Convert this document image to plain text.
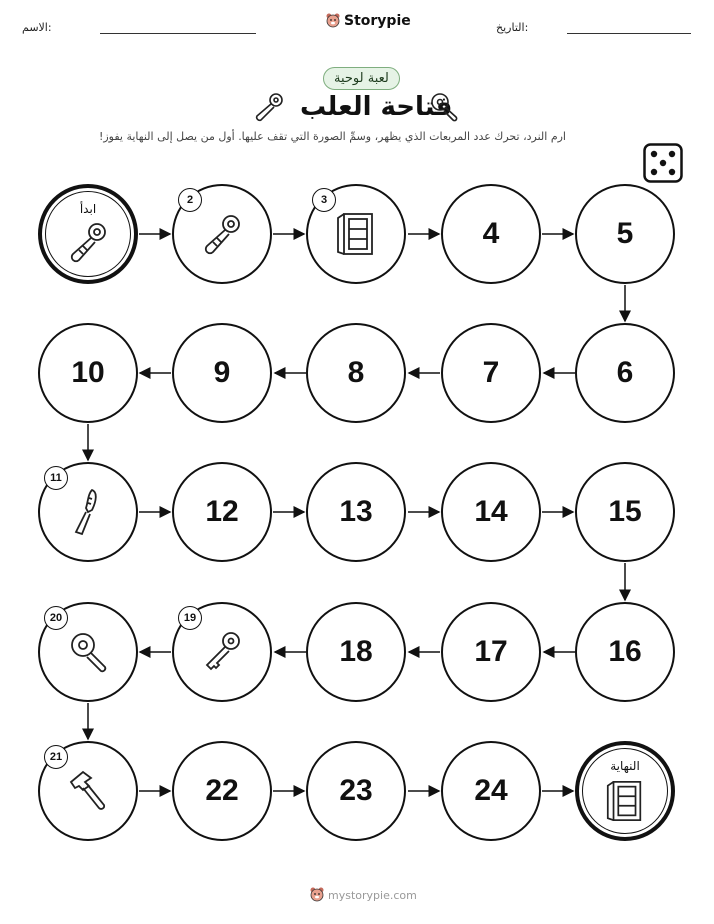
الاسم:	Storypie	التاريخ:
لعبة لوحية
فتاحة العلب
ارم النرد، تحرك عدد المربعات الذي يظهر، وسمِّ الصورة التي تقف عليها. أول من يصل إلى النهاية يفوز!
ابدأ
2	3
4	5
6
7
8
9
10
11
12	13	14	15
16
17
18
19
20
21
22	23	24
النهاية
mystorypie.com
